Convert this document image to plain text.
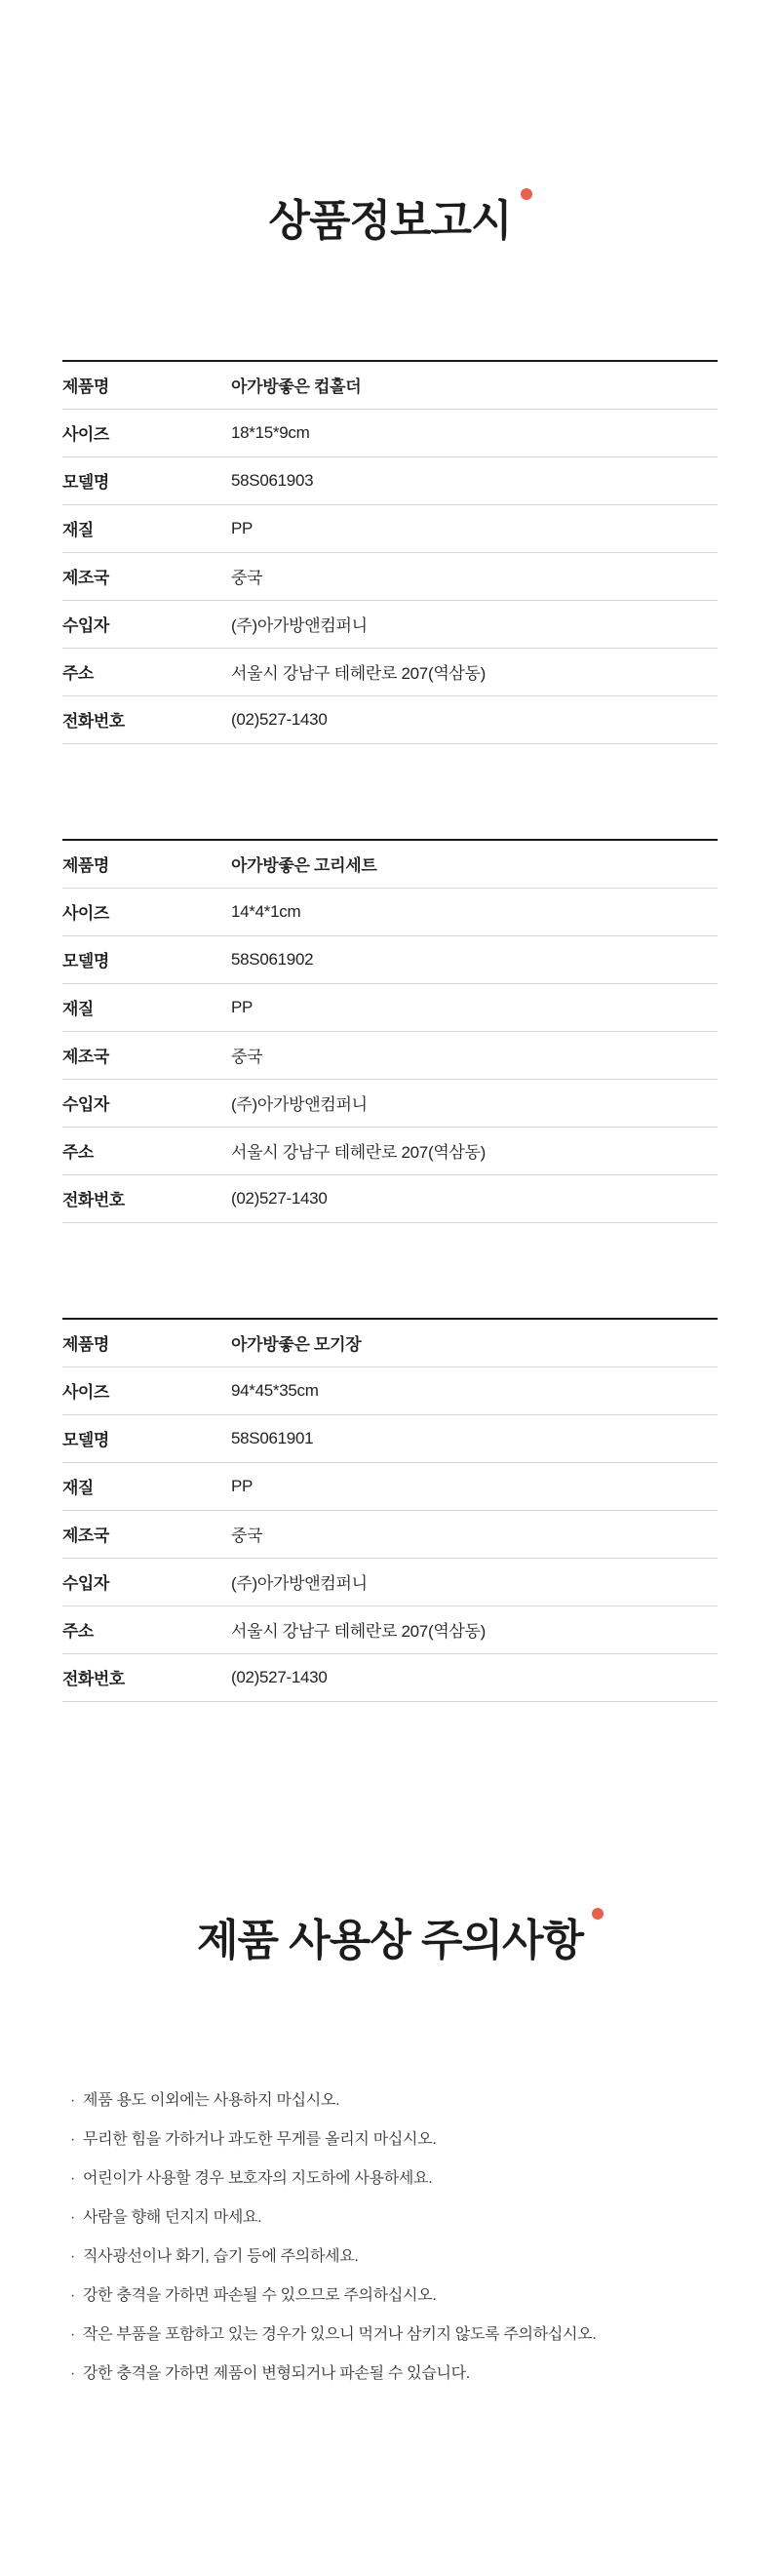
상품정보고시
제품명	아가방좋은 컵홀더
사이즈	18*15*9cm
모델명	58S061903
재질	PP
제조국	중국
수입자	(주)아가방앤컴퍼니
주소	서울시 강남구 테헤란로 207(역삼동)
전화번호	(02)527-1430
제품명	아가방좋은 고리세트
사이즈	14*4*1cm
모델명	58S061902
재질	PP
제조국	중국
수입자	(주)아가방앤컴퍼니
주소	서울시 강남구 테헤란로 207(역삼동)
전화번호	(02)527-1430
제품명	아가방좋은 모기장
사이즈	94*45*35cm
모델명	58S061901
재질	PP
제조국	중국
수입자	(주)아가방앤컴퍼니
주소	서울시 강남구 테헤란로 207(역삼동)
전화번호	(02)527-1430
제품 사용상 주의사항
· 제품 용도 이외에는 사용하지 마십시오.
· 무리한 힘을 가하거나 과도한 무게를 올리지 마십시오.
· 어린이가 사용할 경우 보호자의 지도하에 사용하세요.
· 사람을 향해 던지지 마세요.
· 직사광선이나 화기, 습기 등에 주의하세요.
· 강한 충격을 가하면 파손될 수 있으므로 주의하십시오.
· 작은 부품을 포함하고 있는 경우가 있으니 먹거나 삼키지 않도록 주의하십시오.
· 강한 충격을 가하면 제품이 변형되거나 파손될 수 있습니다.
